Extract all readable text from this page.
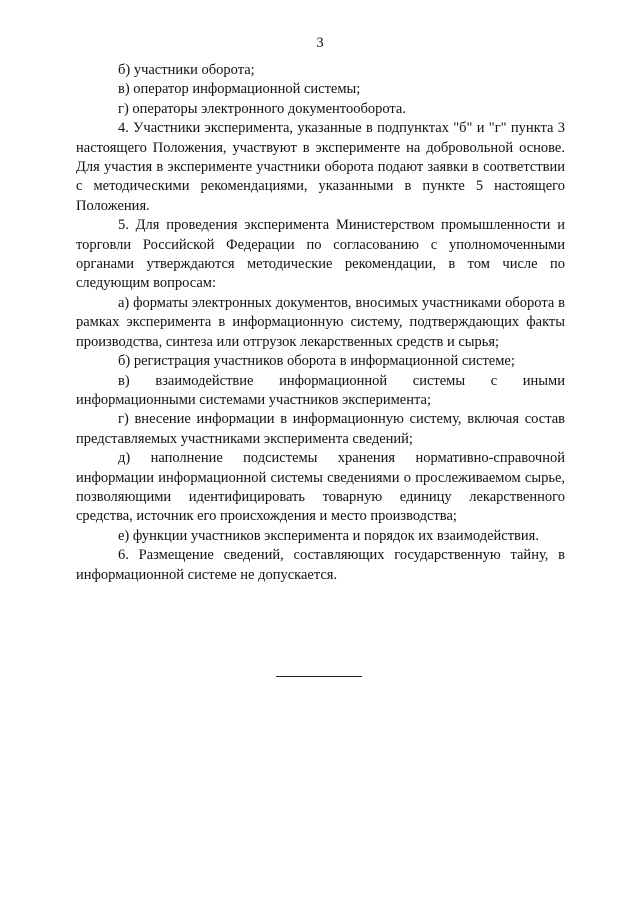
3

б) участники оборота;

в) оператор информационной системы;

г) операторы электронного документооборота.

4. Участники эксперимента, указанные в подпунктах "б" и "г" пункта 3 настоящего Положения, участвуют в эксперименте на добровольной основе. Для участия в эксперименте участники оборота подают заявки в соответствии с методическими рекомендациями, указанными в пункте 5 настоящего Положения.

5. Для проведения эксперимента Министерством промышленности и торговли Российской Федерации по согласованию с уполномоченными органами утверждаются методические рекомендации, в том числе по следующим вопросам:

а) форматы электронных документов, вносимых участниками оборота в рамках эксперимента в информационную систему, подтверждающих факты производства, синтеза или отгрузок лекарственных средств и сырья;

б) регистрация участников оборота в информационной системе;

в) взаимодействие информационной системы с иными информационными системами участников эксперимента;

г) внесение информации в информационную систему, включая состав представляемых участниками эксперимента сведений;

д) наполнение подсистемы хранения нормативно-справочной информации информационной системы сведениями о прослеживаемом сырье, позволяющими идентифицировать товарную единицу лекарственного средства, источник его происхождения и место производства;

е) функции участников эксперимента и порядок их взаимодействия.

6. Размещение сведений, составляющих государственную тайну, в информационной системе не допускается.
